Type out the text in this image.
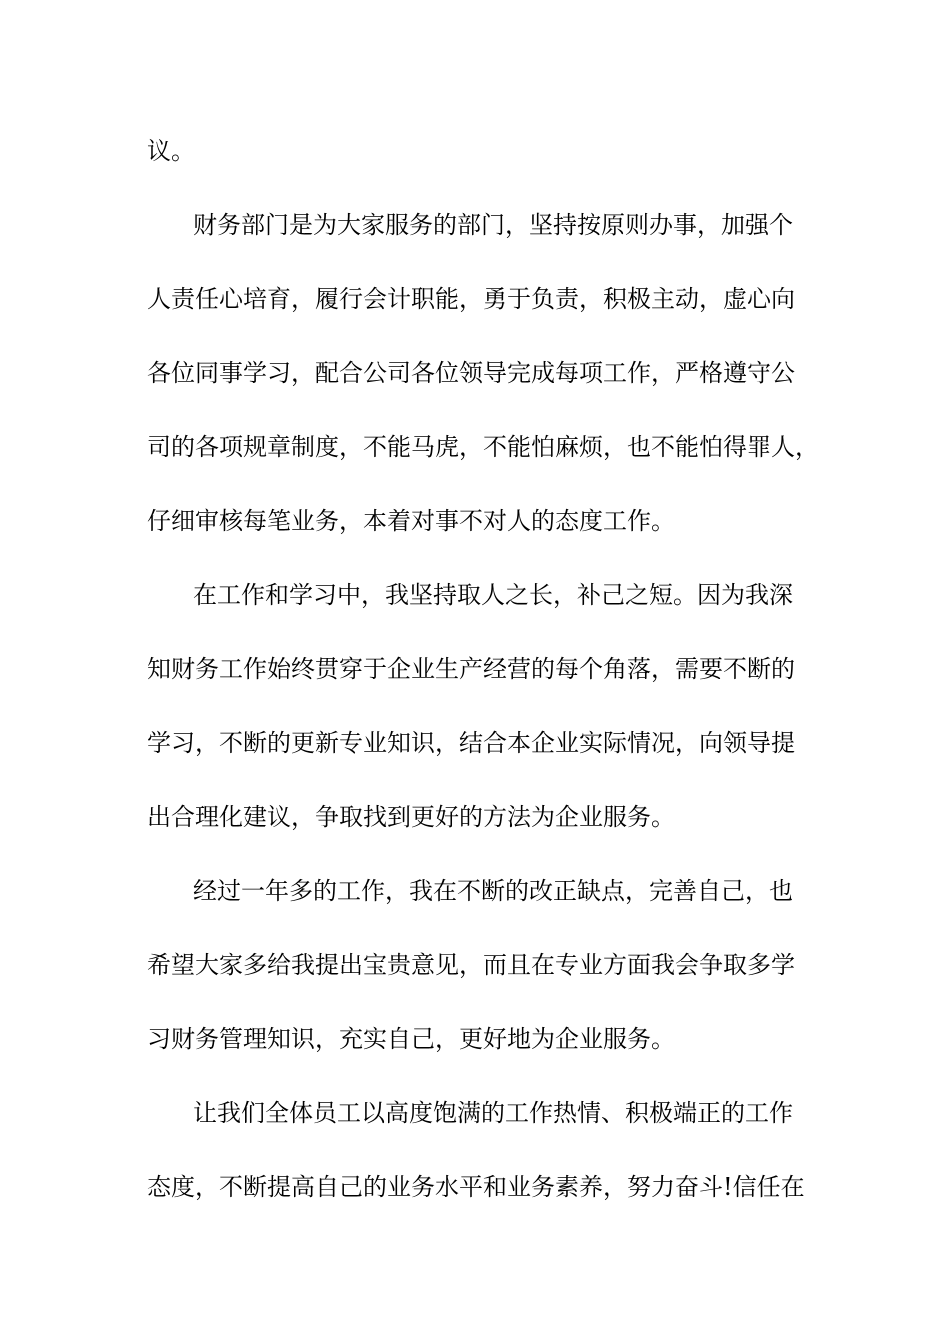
议。

财务部门是为大家服务的部门，坚持按原则办事，加强个

人责任心培育，履行会计职能，勇于负责，积极主动，虚心向

各位同事学习，配合公司各位领导完成每项工作，严格遵守公

司的各项规章制度，不能马虎，不能怕麻烦，也不能怕得罪人，

仔细审核每笔业务，本着对事不对人的态度工作。

在工作和学习中，我坚持取人之长，补己之短。因为我深

知财务工作始终贯穿于企业生产经营的每个角落，需要不断的

学习，不断的更新专业知识，结合本企业实际情况，向领导提

出合理化建议，争取找到更好的方法为企业服务。

经过一年多的工作，我在不断的改正缺点，完善自己，也

希望大家多给我提出宝贵意见，而且在专业方面我会争取多学

习财务管理知识，充实自己，更好地为企业服务。

让我们全体员工以高度饱满的工作热情、积极端正的工作

态度，不断提高自己的业务水平和业务素养，努力奋斗!信任在
